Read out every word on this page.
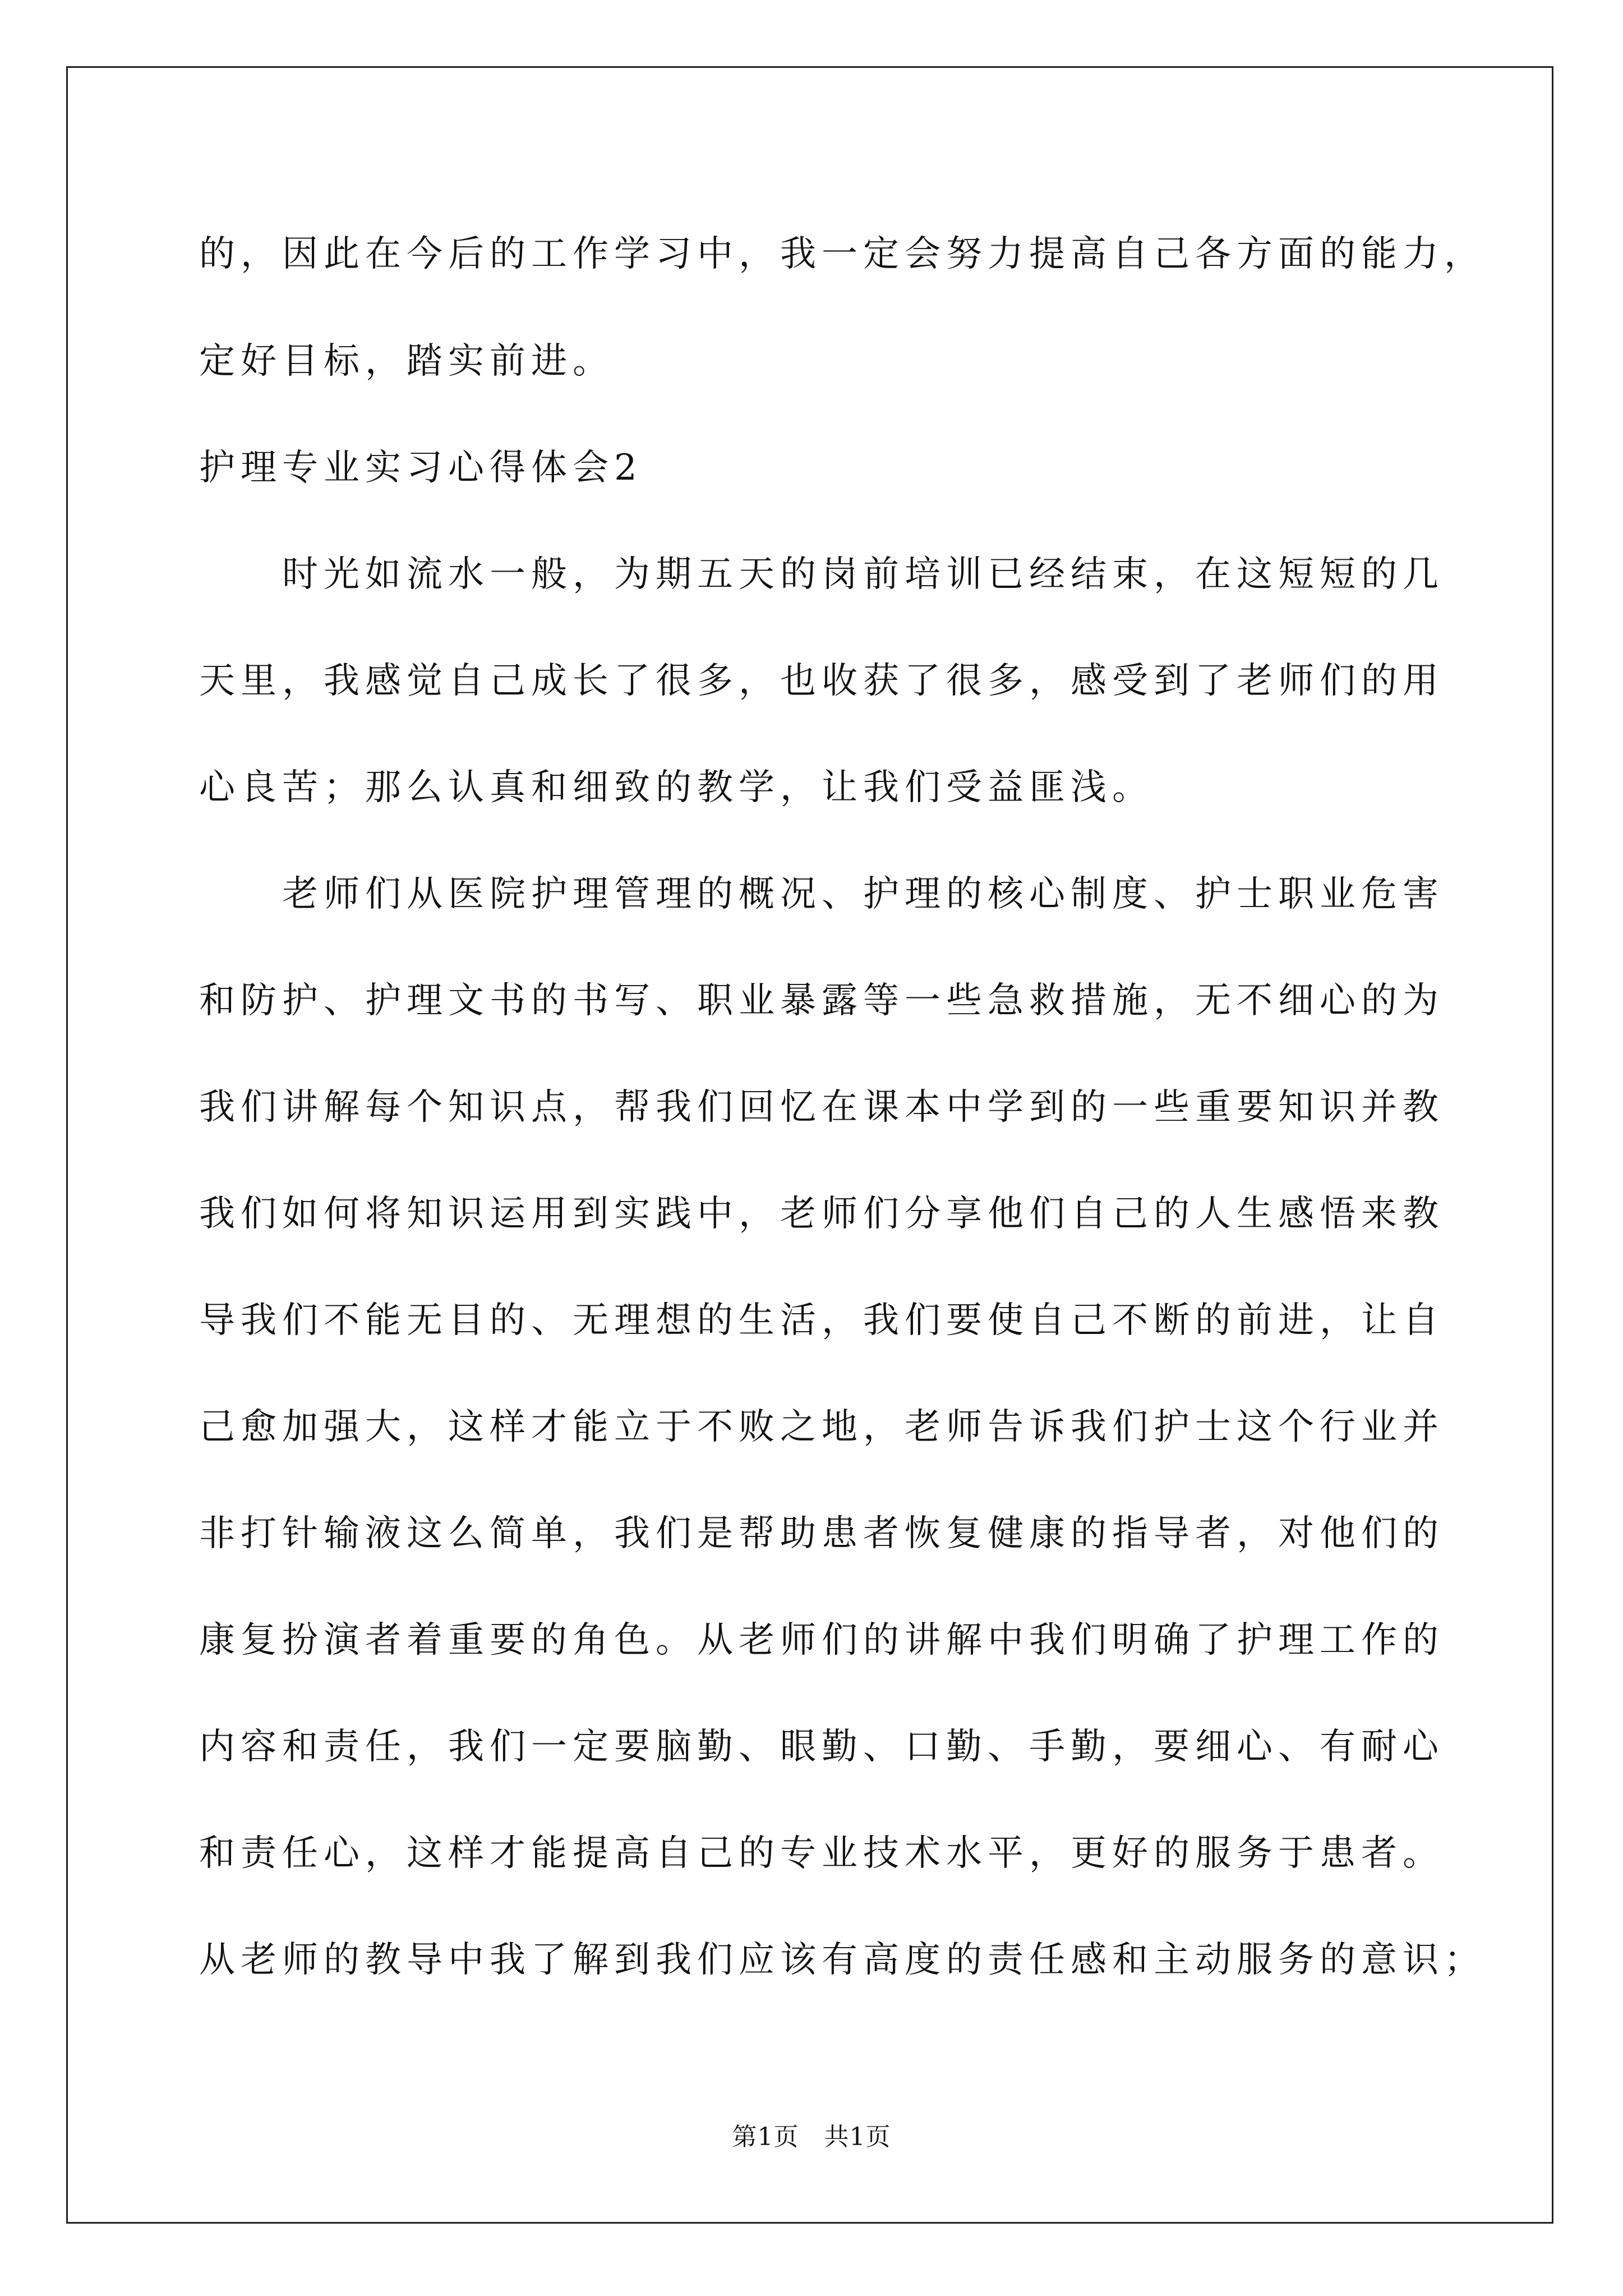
的，因此在今后的工作学习中，我一定会努力提高自己各方面的能力，
定好目标，踏实前进。
护理专业实习心得体会2
时光如流水一般，为期五天的岗前培训已经结束，在这短短的几
天里，我感觉自己成长了很多，也收获了很多，感受到了老师们的用
心良苦；那么认真和细致的教学，让我们受益匪浅。
老师们从医院护理管理的概况、护理的核心制度、护士职业危害
和防护、护理文书的书写、职业暴露等一些急救措施，无不细心的为
我们讲解每个知识点，帮我们回忆在课本中学到的一些重要知识并教
我们如何将知识运用到实践中，老师们分享他们自己的人生感悟来教
导我们不能无目的、无理想的生活，我们要使自己不断的前进，让自
己愈加强大，这样才能立于不败之地，老师告诉我们护士这个行业并
非打针输液这么简单，我们是帮助患者恢复健康的指导者，对他们的
康复扮演者着重要的角色。从老师们的讲解中我们明确了护理工作的
内容和责任，我们一定要脑勤、眼勤、口勤、手勤，要细心、有耐心
和责任心，这样才能提高自己的专业技术水平，更好的服务于患者。
从老师的教导中我了解到我们应该有高度的责任感和主动服务的意识；
第1页　共1页
